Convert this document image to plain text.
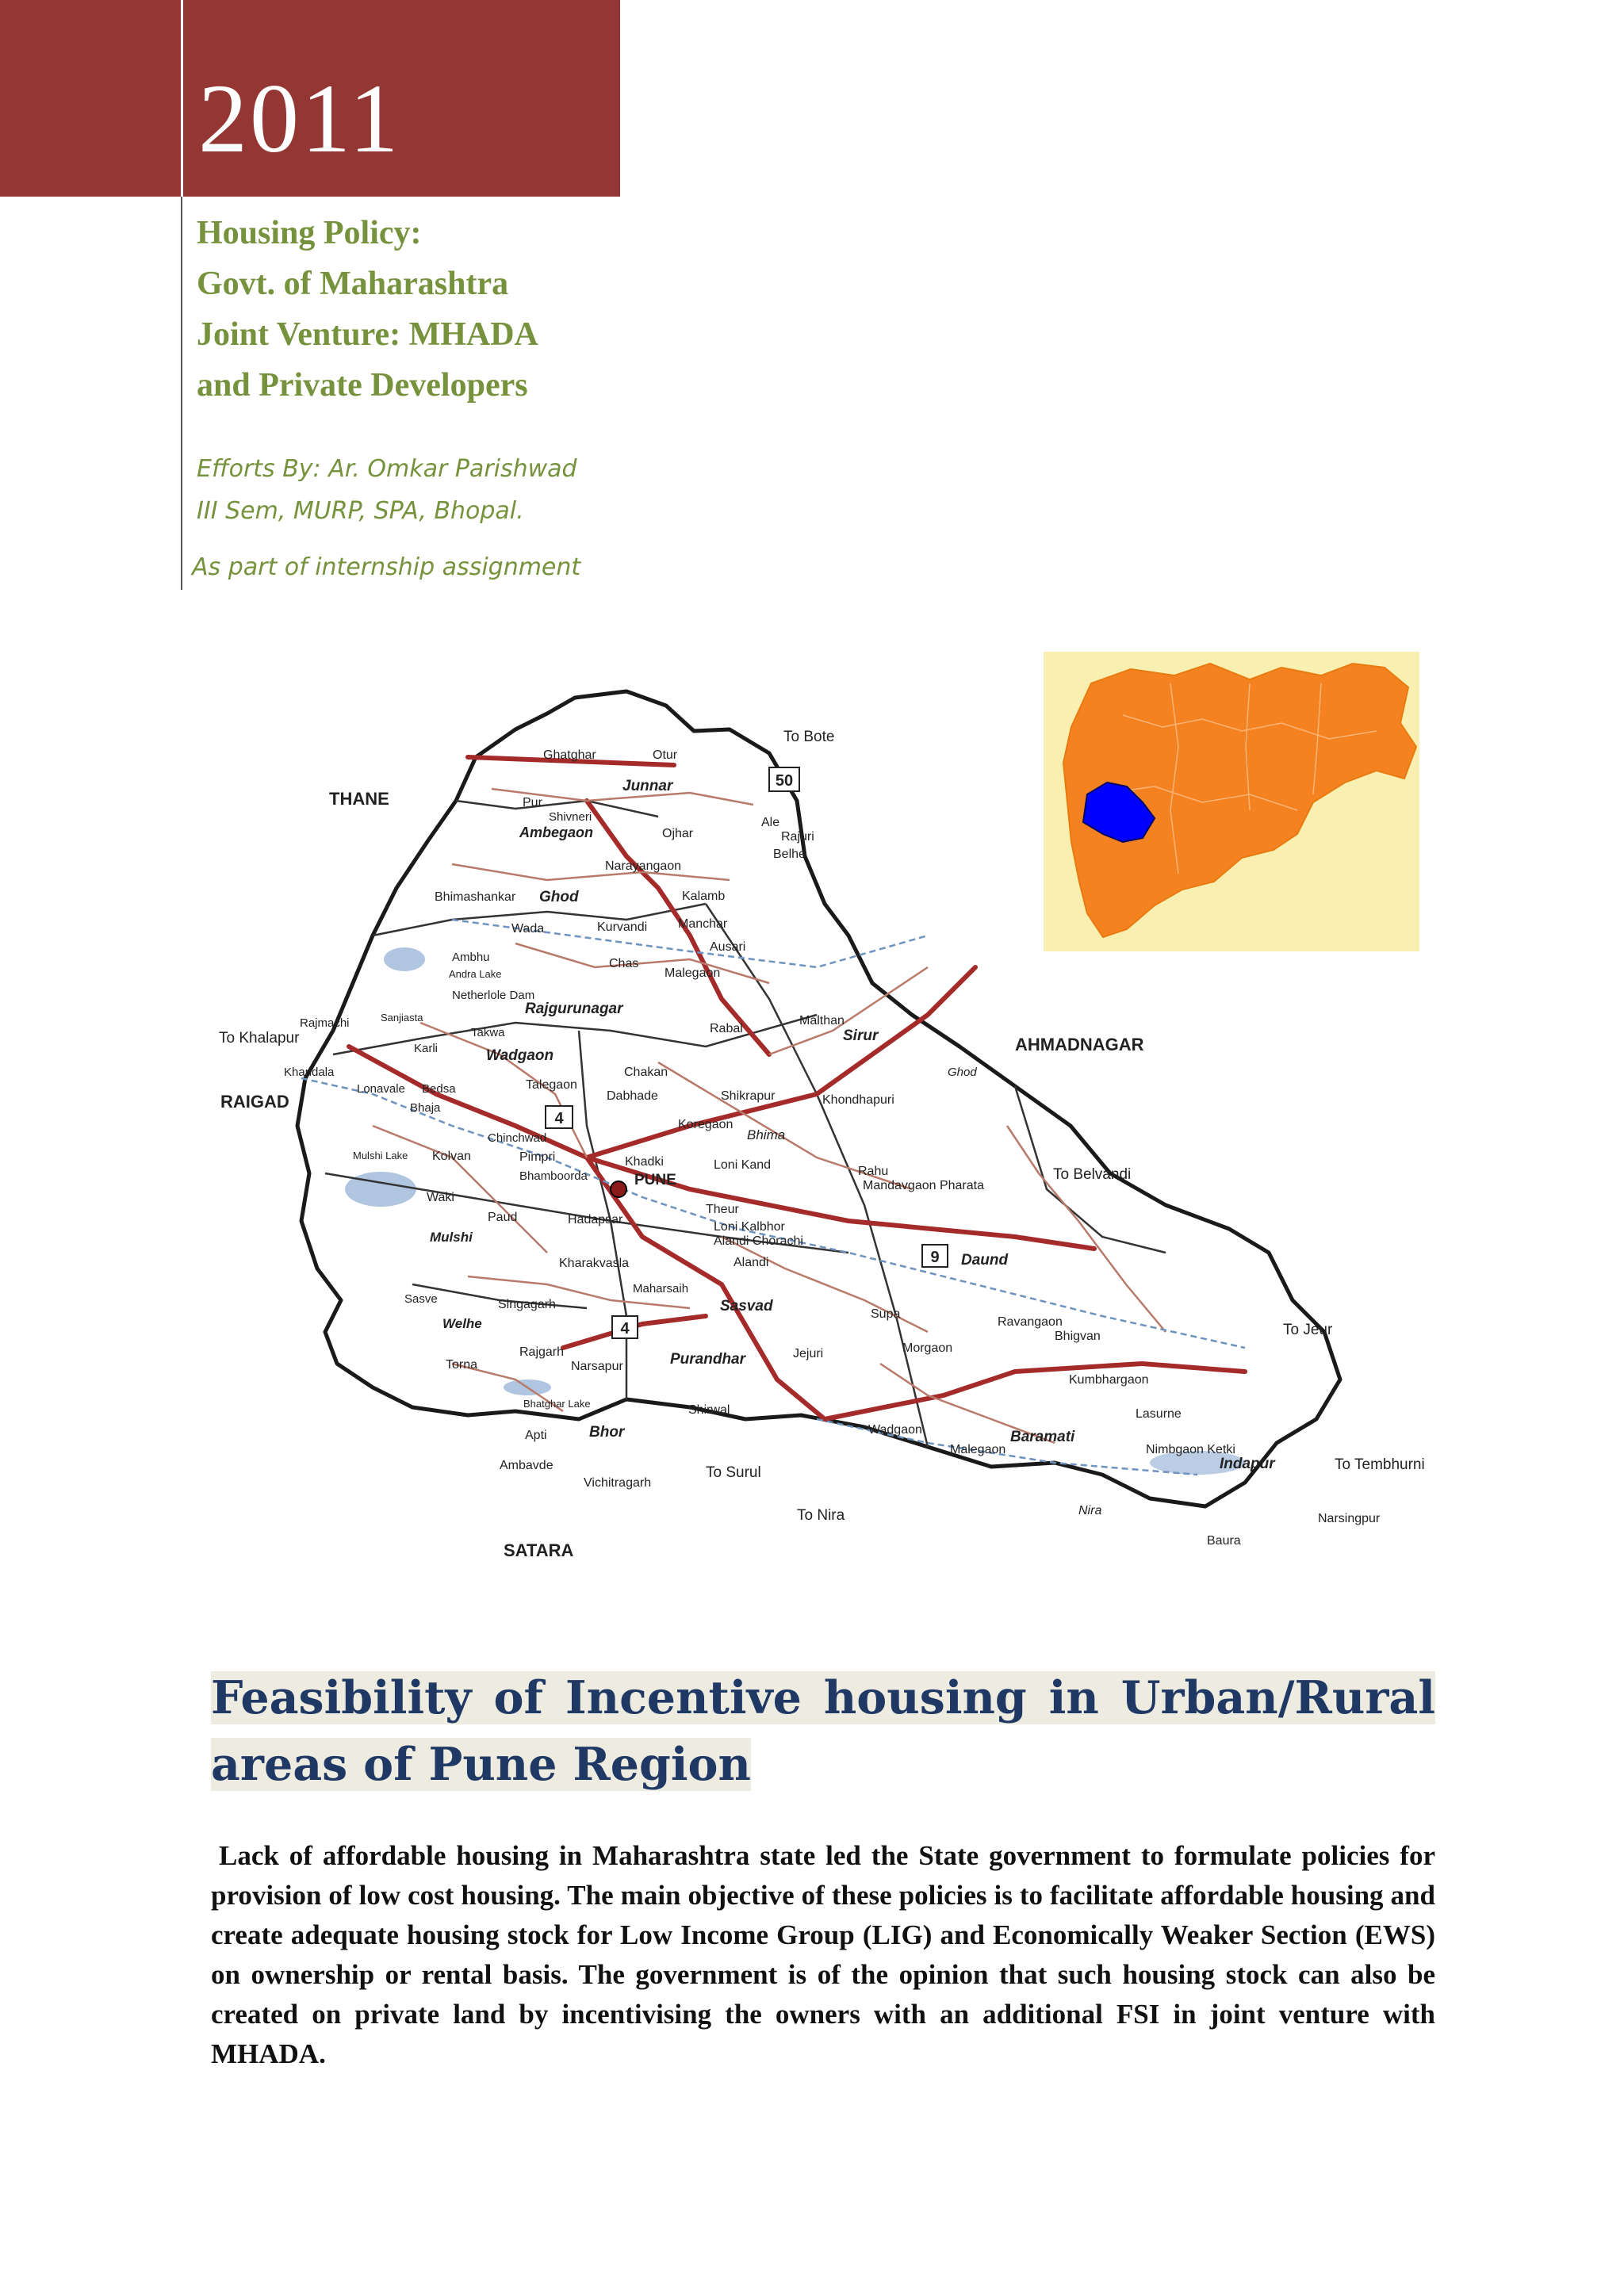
2011
Housing Policy:
Govt. of Maharashtra
Joint Venture: MHADA
and Private Developers
Efforts By: Ar. Omkar Parishwad
III Sem, MURP, SPA, Bhopal.
As part of internship assignment
50
4
9
4
THANE
AHMADNAGAR
RAIGAD
SATARA
To Bote
To Khalapur
To Belvandi
To Jeur
To Tembhurni
To Surul
To Nira
Ghatghar	Otur
Junnar
Pur
Shivneri
Ambegaon	Ojhar
Ale
Rajuri
Belhe
Narayangaon
Bhimashankar Ghod	Kalamb
Wada	Kurvandi Manchar
Ausari
Ambhu	Chas
Malegaon
Rajgurunagar
Rabal
Malthan
Sirur
Karli
Takwa
Wadgaon
Khandala
Lonavale Bedsa
Bhaja
Talegaon
Chakan
Dabhade	Shikrapur	Khondhapuri
Koregaon
Bhima
Chinchwad
Kolvan	Pimpri	Khadki
PUNE
Loni Kand
Bhamboorda	Rahu
Mandavgaon Pharata
Waki
Paud	Hadapsar
Theur
Loni Kalbhor
Alandi Chorachi
Mulshi
Alandi
Kharakvasla	Daund
Maharsaih
Sasvad
Singagarh
Supa
Ravangaon
Bhigvan
Welhe
Rajgarh
Narsapur	Purandhar	Jejuri	Morgaon
Torna
Kumbhargaon
Bhatghar Lake	Shirwal
Wadgaon
Lasurne
Apti	Bhor
Malegaon
Baramati
Nimbgaon Ketki
Indapur
Ambavde
Vichitragarh
Nira
Narsingpur
Baura
Ghod
Sanjiasta
Netherlole Dam
Andra Lake
Rajmachi
Mulshi Lake
Sasve
Feasibility of Incentive housing in Urban/Rural
areas of Pune Region
Lack of affordable housing in Maharashtra state led the State government to formulate policies for provision of low cost housing. The main objective of these policies is to facilitate affordable housing and create adequate housing stock for Low Income Group (LIG) and Economically Weaker Section (EWS) on ownership or rental basis. The government is of the opinion that such housing stock can also be created on private land by incentivising the owners with an additional FSI in joint venture with MHADA.
